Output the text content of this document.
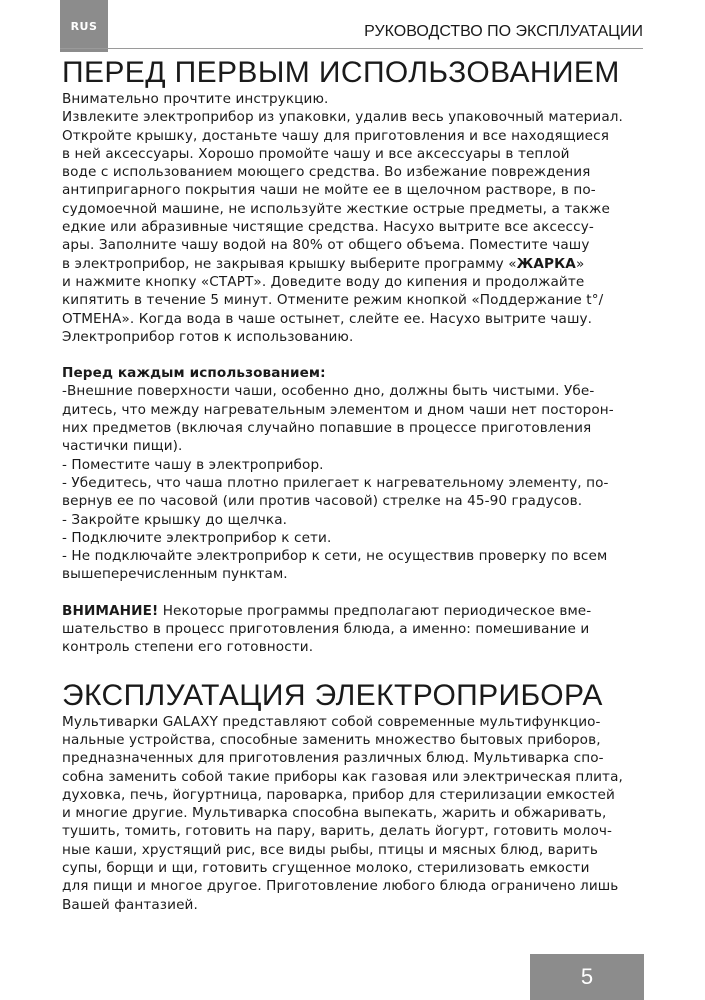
RUS	РУКОВОДСТВО ПО ЭКСПЛУАТАЦИИ
ПЕРЕД ПЕРВЫМ ИСПОЛЬЗОВАНИЕМ

Внимательно прочтите инструкцию.
Извлеките электроприбор из упаковки, удалив весь упаковочный материал.
Откройте крышку, достаньте чашу для приготовления и все находящиеся
в ней аксессуары. Хорошо промойте чашу и все аксессуары в теплой
воде с использованием моющего средства. Во избежание повреждения
антипригарного покрытия чаши не мойте ее в щелочном растворе, в по-
судомоечной машине, не используйте жесткие острые предметы, а также
едкие или абразивные чистящие средства. Насухо вытрите все аксессу-
ары. Заполните чашу водой на 80% от общего объема. Поместите чашу
в электроприбор, не закрывая крышку выберите программу «ЖАРКА»
и нажмите кнопку «СТАРТ». Доведите воду до кипения и продолжайте
кипятить в течение 5 минут. Отмените режим кнопкой «Поддержание t°/
ОТМЕНА». Когда вода в чаше остынет, слейте ее. Насухо вытрите чашу.
Электроприбор готов к использованию.

Перед каждым использованием:
-Внешние поверхности чаши, особенно дно, должны быть чистыми. Убе-
дитесь, что между нагревательным элементом и дном чаши нет посторон-
них предметов (включая случайно попавшие в процессе приготовления
частички пищи).
- Поместите чашу в электроприбор.
- Убедитесь, что чаша плотно прилегает к нагревательному элементу, по-
вернув ее по часовой (или против часовой) стрелке на 45-90 градусов.
- Закройте крышку до щелчка.
- Подключите электроприбор к сети.
- Не подключайте электроприбор к сети, не осуществив проверку по всем
вышеперечисленным пунктам.

ВНИМАНИЕ! Некоторые программы предполагают периодическое вме-
шательство в процесс приготовления блюда, а именно: помешивание и
контроль степени его готовности.

ЭКСПЛУАТАЦИЯ ЭЛЕКТРОПРИБОРА

Мультиварки GALAXY представляют собой современные мультифункцио-
нальные устройства, способные заменить множество бытовых приборов,
предназначенных для приготовления различных блюд. Мультиварка спо-
собна заменить собой такие приборы как газовая или электрическая плита,
духовка, печь, йогуртница, пароварка, прибор для стерилизации емкостей
и многие другие. Мультиварка способна выпекать, жарить и обжаривать,
тушить, томить, готовить на пару, варить, делать йогурт, готовить молоч-
ные каши, хрустящий рис, все виды рыбы, птицы и мясных блюд, варить
супы, борщи и щи, готовить сгущенное молоко, стерилизовать емкости
для пищи и многое другое. Приготовление любого блюда ограничено лишь
Вашей фантазией.

5
